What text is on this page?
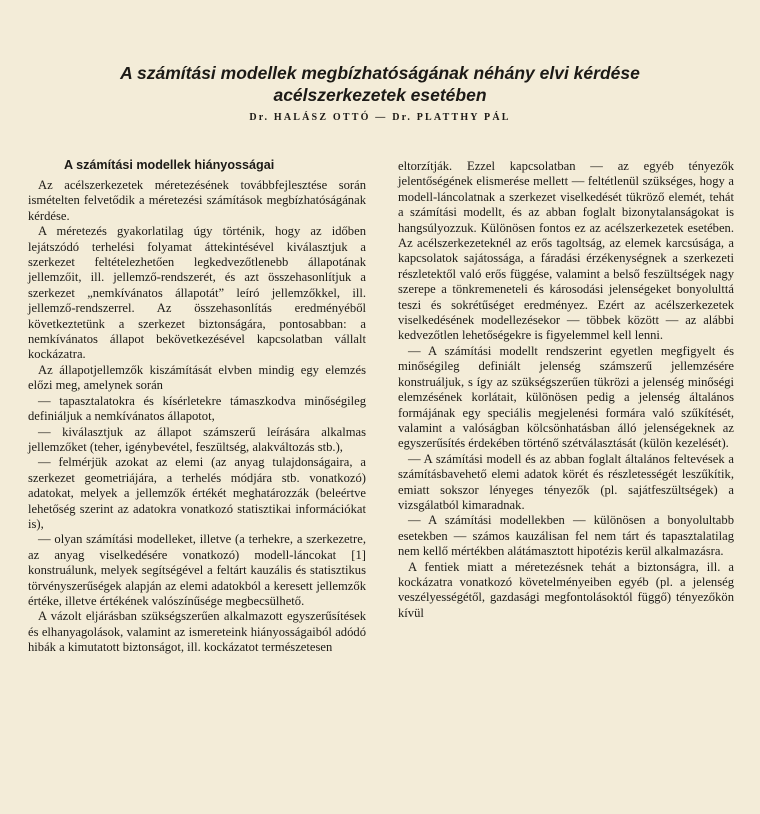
A számítási modellek megbízhatóságának néhány elvi kérdése
acélszerkezetek esetében
Dr. HALÁSZ OTTÓ — Dr. PLATTHY PÁL

A számítási modellek hiányosságai

Az acélszerkezetek méretezésének továbbfejlesztése során ismételten felvetődik a méretezési számítások megbízhatóságának kérdése.

A méretezés gyakorlatilag úgy történik, hogy az időben lejátszódó terhelési folyamat áttekintésével kiválasztjuk a szerkezet feltételezhetően legkedvezőtlenebb állapotának jellemzőit, ill. jellemző-rendszerét, és azt összehasonlítjuk a szerkezet „nemkívánatos állapotát” leíró jellemzőkkel, ill. jellemző-rendszerrel. Az összehasonlítás eredményéből következtetünk a szerkezet biztonságára, pontosabban: a nemkívánatos állapot bekövetkezésével kapcsolatban vállalt kockázatra.

Az állapotjellemzők kiszámítását elvben mindig egy elemzés előzi meg, amelynek során

— tapasztalatokra és kísérletekre támaszkodva minőségileg definiáljuk a nemkívánatos állapotot,

— kiválasztjuk az állapot számszerű leírására alkalmas jellemzőket (teher, igénybevétel, feszültség, alakváltozás stb.),

— felmérjük azokat az elemi (az anyag tulajdonságaira, a szerkezet geometriájára, a terhelés módjára stb. vonatkozó) adatokat, melyek a jellemzők értékét meghatározzák (beleértve lehetőség szerint az adatokra vonatkozó statisztikai információkat is),

— olyan számítási modelleket, illetve (a terhekre, a szerkezetre, az anyag viselkedésére vonatkozó) modell-láncokat [1] konstruálunk, melyek segítségével a feltárt kauzális és statisztikus törvényszerűségek alapján az elemi adatokból a keresett jellemzők értéke, illetve értékének valószínűsége megbecsülhető.

A vázolt eljárásban szükségszerűen alkalmazott egyszerűsítések és elhanyagolások, valamint az ismereteink hiányosságaiból adódó hibák a kimutatott biztonságot, ill. kockázatot természetesen

eltorzítják. Ezzel kapcsolatban — az egyéb tényezők jelentőségének elismerése mellett — feltétlenül szükséges, hogy a modell-láncolatnak a szerkezet viselkedését tükröző elemét, tehát a számítási modellt, és az abban foglalt bizonytalanságokat is hangsúlyozzuk. Különösen fontos ez az acélszerkezetek esetében. Az acélszerkezeteknél az erős tagoltság, az elemek karcsúsága, a kapcsolatok sajátossága, a fáradási érzékenységnek a szerkezeti részletektől való erős függése, valamint a belső feszültségek nagy szerepe a tönkremeneteli és károsodási jelenségeket bonyolulttá teszi és sokrétűséget eredményez. Ezért az acélszerkezetek viselkedésének modellezésekor — többek között — az alábbi kedvezőtlen lehetőségekre is figyelemmel kell lenni.

— A számítási modellt rendszerint egyetlen megfigyelt és minőségileg definiált jelenség számszerű jellemzésére konstruáljuk, s így az szükségszerűen tükrözi a jelenség minőségi elemzésének korlátait, különösen pedig a jelenség általános formájának egy speciális megjelenési formára való szűkítését, valamint a valóságban kölcsönhatásban álló jelenségeknek az egyszerűsítés érdekében történő szétválasztását (külön kezelését).

— A számítási modell és az abban foglalt általános feltevések a számításbavehető elemi adatok körét és részletességét leszűkítik, emiatt sokszor lényeges tényezők (pl. sajátfeszültségek) a vizsgálatból kimaradnak.

— A számítási modellekben — különösen a bonyolultabb esetekben — számos kauzálisan fel nem tárt és tapasztalatilag nem kellő mértékben alátámasztott hipotézis kerül alkalmazásra.

A fentiek miatt a méretezésnek tehát a biztonságra, ill. a kockázatra vonatkozó követelményeiben egyéb (pl. a jelenség veszélyességétől, gazdasági megfontolásoktól függő) tényezőkön kívül
